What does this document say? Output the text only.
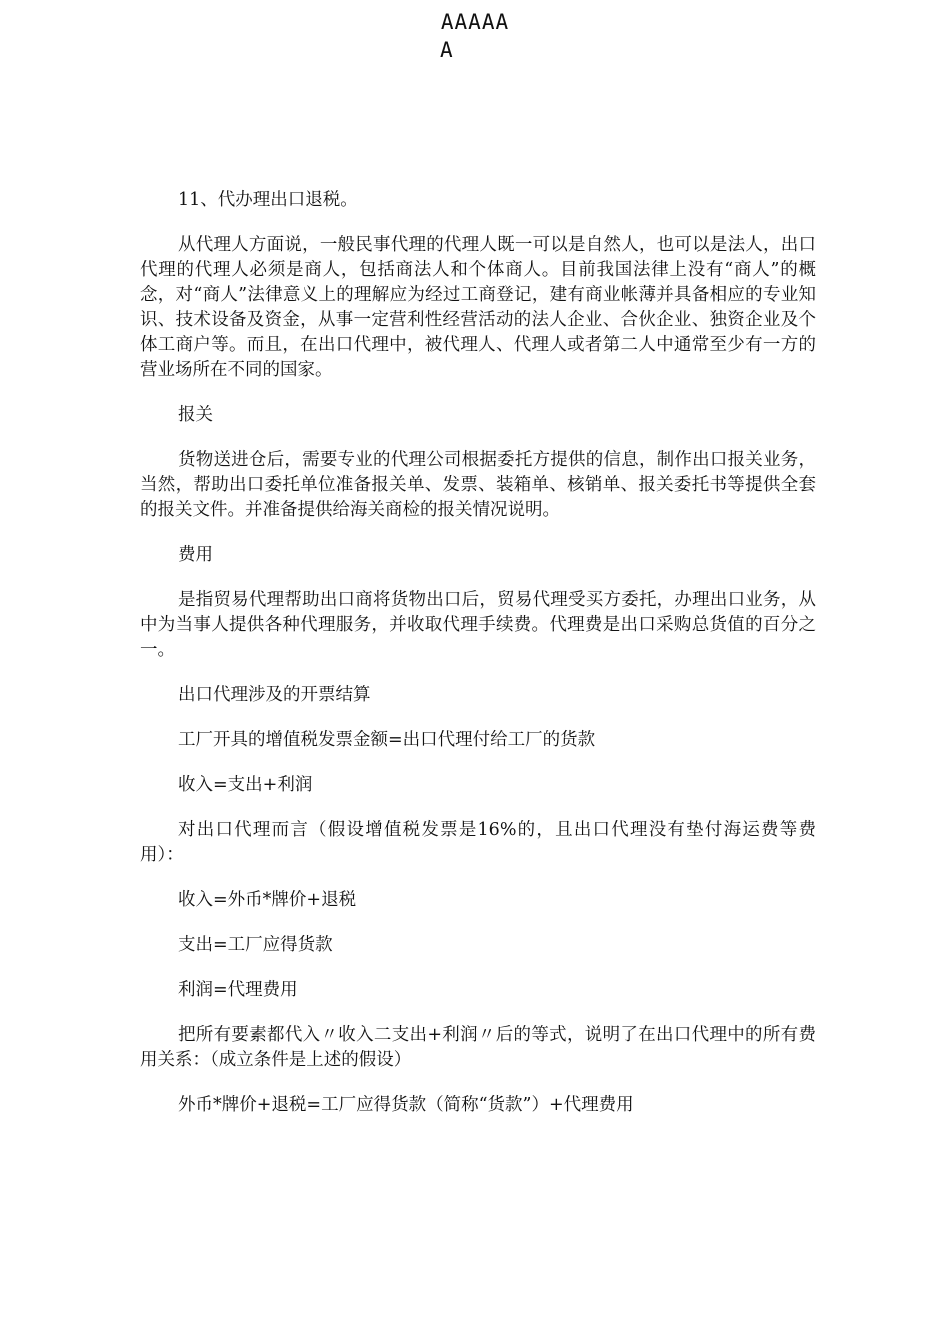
AAAAA
A

11、代办理出口退税。

从代理人方面说，一般民事代理的代理人既一可以是自然人，也可以是法人，出口代理的代理人必须是商人，包括商法人和个体商人。目前我国法律上没有“商人”的概念，对“商人”法律意义上的理解应为经过工商登记，建有商业帐薄并具备相应的专业知识、技术设备及资金，从事一定营利性经营活动的法人企业、合伙企业、独资企业及个体工商户等。而且，在出口代理中，被代理人、代理人或者第二人中通常至少有一方的营业场所在不同的国家。

报关

货物送进仓后，需要专业的代理公司根据委托方提供的信息，制作出口报关业务，当然，帮助出口委托单位准备报关单、发票、装箱单、核销单、报关委托书等提供全套的报关文件。并准备提供给海关商检的报关情况说明。

费用

是指贸易代理帮助出口商将货物出口后，贸易代理受买方委托，办理出口业务，从中为当事人提供各种代理服务，并收取代理手续费。代理费是出口采购总货值的百分之一。

出口代理涉及的开票结算

工厂开具的增值税发票金额=出口代理付给工厂的货款

收入=支出+利润

对出口代理而言（假设增值税发票是16%的，且出口代理没有垫付海运费等费用）：

收入=外币*牌价+退税

支出=工厂应得货款

利润=代理费用

把所有要素都代入〃收入二支出+利润〃后的等式，说明了在出口代理中的所有费用关系：（成立条件是上述的假设）

外币*牌价+退税=工厂应得货款（简称“货款”）+代理费用
